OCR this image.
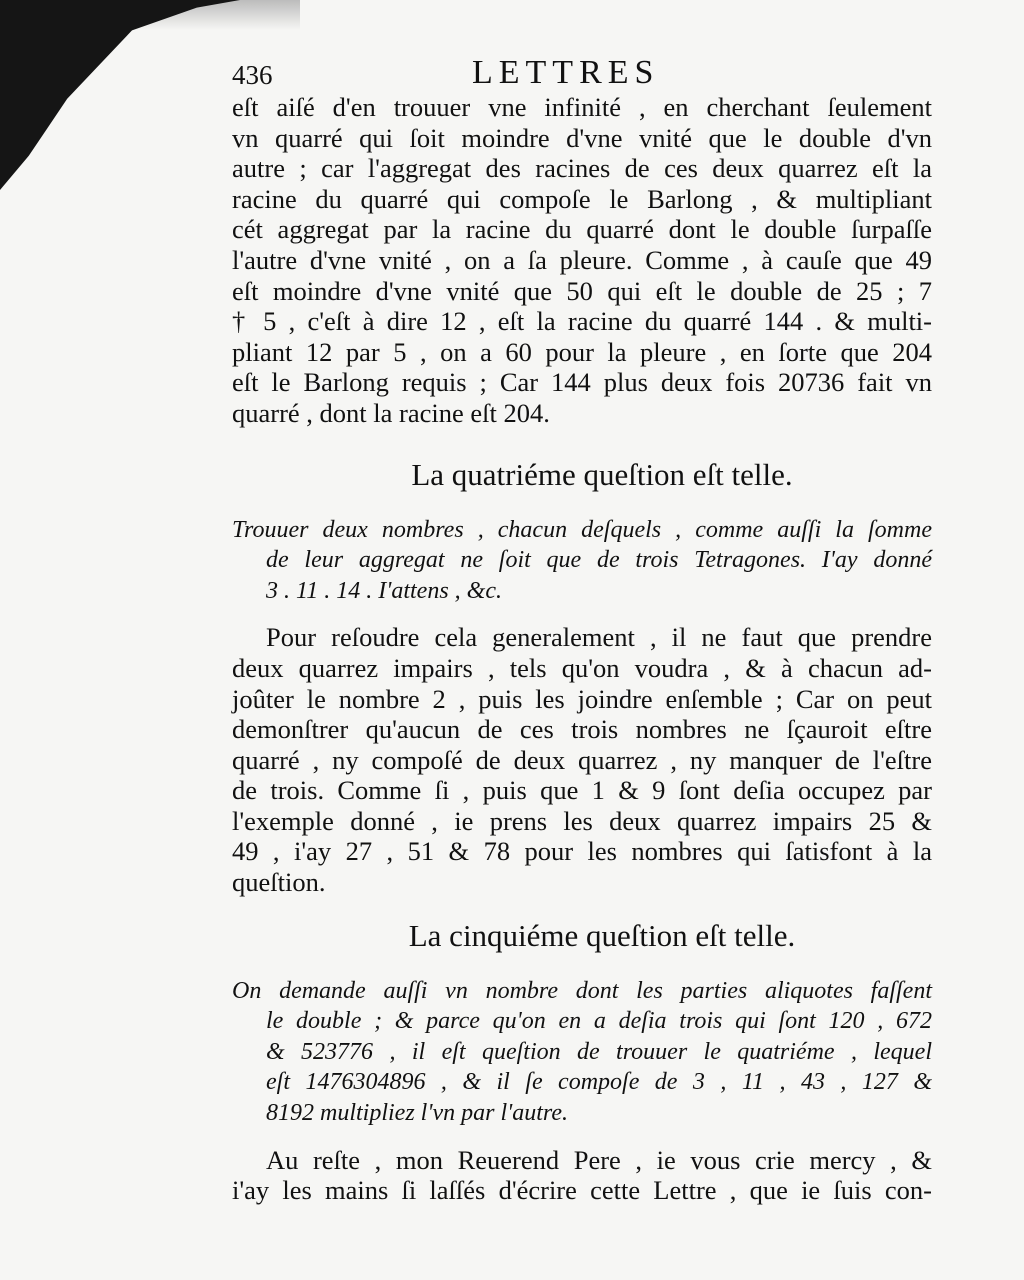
436	LETTRES

eſt aiſé d'en trouuer vne infinité , en cherchant ſeulement
vn quarré qui ſoit moindre d'vne vnité que le double d'vn
autre ; car l'aggregat des racines de ces deux quarrez eſt la
racine du quarré qui compoſe le Barlong , & multipliant
cét aggregat par la racine du quarré dont le double ſurpaſſe
l'autre d'vne vnité , on a ſa pleure. Comme , à cauſe que 49
eſt moindre d'vne vnité que 50 qui eſt le double de 25 ; 7
† 5 , c'eſt à dire 12 , eſt la racine du quarré 144 . & multi-
pliant 12 par 5 , on a 60 pour la pleure , en ſorte que 204
eſt le Barlong requis ; Car 144 plus deux fois 20736 fait vn
quarré , dont la racine eſt 204.

La quatriéme queſtion eſt telle.

Trouuer deux nombres , chacun deſquels , comme auſſi la ſomme
de leur aggregat ne ſoit que de trois Tetragones. I'ay donné
3 . 11 . 14 . I'attens , &c.

Pour reſoudre cela generalement , il ne faut que prendre
deux quarrez impairs , tels qu'on voudra , & à chacun ad-
joûter le nombre 2 , puis les joindre enſemble ; Car on peut
demonſtrer qu'aucun de ces trois nombres ne ſçauroit eſtre
quarré , ny compoſé de deux quarrez , ny manquer de l'eſtre
de trois. Comme ſi , puis que 1 & 9 ſont deſia occupez par
l'exemple donné , ie prens les deux quarrez impairs 25 &
49 , i'ay 27 , 51 & 78 pour les nombres qui ſatisfont à la
queſtion.

La cinquiéme queſtion eſt telle.

On demande auſſi vn nombre dont les parties aliquotes faſſent
le double ; & parce qu'on en a deſia trois qui ſont 120 , 672
& 523776 , il eſt queſtion de trouuer le quatriéme , lequel
eſt 1476304896 , & il ſe compoſe de 3 , 11 , 43 , 127 &
8192 multipliez l'vn par l'autre.

Au reſte , mon Reuerend Pere , ie vous crie mercy , &
i'ay les mains ſi laſſés d'écrire cette Lettre , que ie ſuis con-
